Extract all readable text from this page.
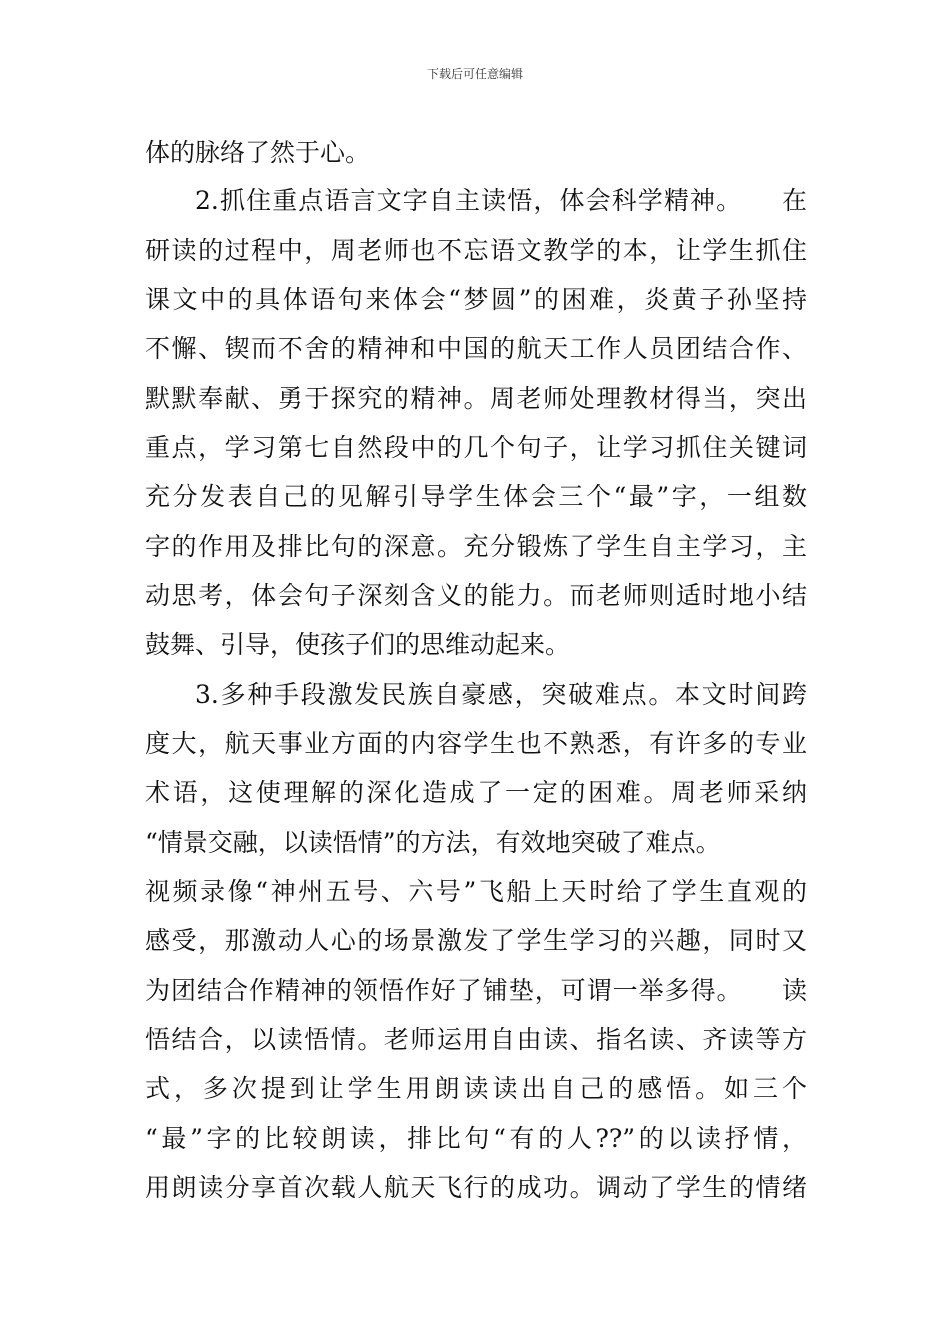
下载后可任意编辑
体的脉络了然于心。
2.抓住重点语言文字自主读悟，体会科学精神。　　在
研读的过程中，周老师也不忘语文教学的本，让学生抓住
课文中的具体语句来体会“梦圆”的困难，炎黄子孙坚持
不懈、锲而不舍的精神和中国的航天工作人员团结合作、
默默奉献、勇于探究的精神。周老师处理教材得当，突出
重点，学习第七自然段中的几个句子，让学习抓住关键词
充分发表自己的见解引导学生体会三个“最”字，一组数
字的作用及排比句的深意。充分锻炼了学生自主学习，主
动思考，体会句子深刻含义的能力。而老师则适时地小结
鼓舞、引导，使孩子们的思维动起来。
3.多种手段激发民族自豪感，突破难点。本文时间跨
度大，航天事业方面的内容学生也不熟悉，有许多的专业
术语，这使理解的深化造成了一定的困难。周老师采纳
“情景交融，以读悟情”的方法，有效地突破了难点。
视频录像“神州五号、六号”飞船上天时给了学生直观的
感受，那激动人心的场景激发了学生学习的兴趣，同时又
为团结合作精神的领悟作好了铺垫，可谓一举多得。　　读
悟结合，以读悟情。老师运用自由读、指名读、齐读等方
式，多次提到让学生用朗读读出自己的感悟。如三个
“最”字的比较朗读，排比句“有的人??”的以读抒情，
用朗读分享首次载人航天飞行的成功。调动了学生的情绪
